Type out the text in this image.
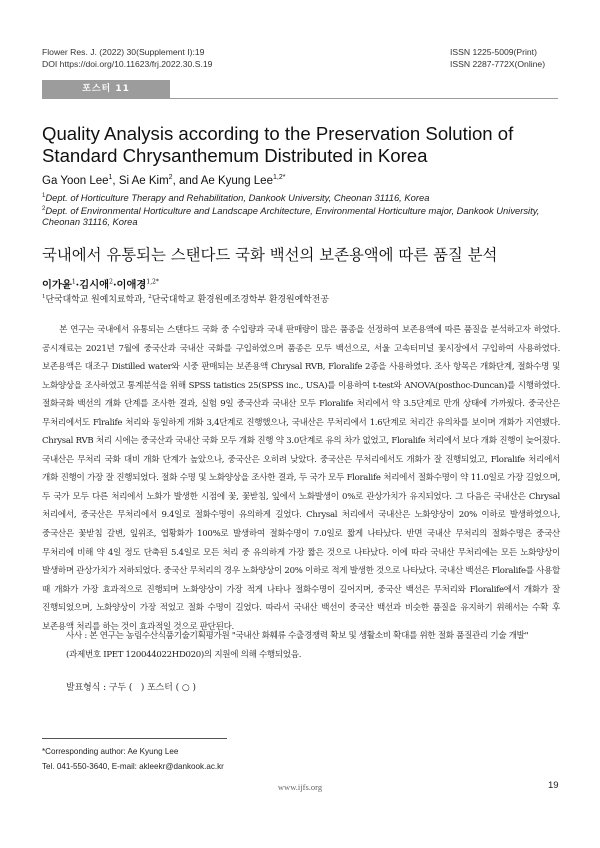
Flower Res. J. (2022) 30(Supplement I):19
DOI https://doi.org/10.11623/frj.2022.30.S.19
ISSN 1225-5009(Print)
ISSN 2287-772X(Online)
포스터 11
Quality Analysis according to the Preservation Solution of Standard Chrysanthemum Distributed in Korea
Ga Yoon Lee$^1$, Si Ae Kim$^2$, and Ae Kyung Lee$^{1,2*}$
$^1$Dept. of Horticulture Therapy and Rehabilitation, Dankook University, Cheonan 31116, Korea
$^2$Dept. of Environmental Horticulture and Landscape Architecture, Environmental Horticulture major, Dankook University, Cheonan 31116, Korea
국내에서 유통되는 스탠다드 국화 백선의 보존용액에 따른 품질 분석
이가윤$^1$·김시애$^2$·이애경$^{1,2*}$
$^1$단국대학교 원예치료학과, $^2$단국대학교 환경원예조경학부 환경원예학전공

본 연구는 국내에서 유통되는 스탠다드 국화 중 수입량과 국내 판매량이 많은 품종을 선정하여 보존용액에 따른 품질을 분석하고자 하였다. 공시재료는 2021년 7월에 중국산과 국내산 국화를 구입하였으며 품종은 모두 백선으로, 서울 고속터미널 꽃시장에서 구입하여 사용하였다. 보존용액은 대조구 Distilled water와 시중 판매되는 보존용액 Chrysal RVB, Floralife 2종을 사용하였다. 조사 항목은 개화단계, 절화수명 및 노화양상을 조사하였고 통계분석을 위해 SPSS tatistics 25(SPSS inc., USA)를 이용하여 t-test와 ANOVA(posthoc-Duncan)를 시행하였다. 절화국화 백선의 개화 단계를 조사한 결과, 실험 9일 중국산과 국내산 모두 Floralife 처리에서 약 3.5단계로 만개 상태에 가까웠다. 중국산은 무처리에서도 Flralife 처리와 동일하게 개화 3,4단계로 진행했으나, 국내산은 무처리에서 1.6단계로 처리간 유의차를 보이며 개화가 지연됐다. Chrysal RVB 처리 시에는 중국산과 국내산 국화 모두 개화 진행 약 3.0단계로 유의 차가 없었고, Floralife 처리에서 보다 개화 진행이 늦어졌다. 국내산은 무처리 국화 대비 개화 단계가 높았으나, 중국산은 오히려 낮았다. 중국산은 무처리에서도 개화가 잘 진행되었고, Floralife 처리에서 개화 진행이 가장 잘 진행되었다. 절화 수명 및 노화양상을 조사한 결과, 두 국가 모두 Floralife 처리에서 절화수명이 약 11.0일로 가장 길었으며, 두 국가 모두 다른 처리에서 노화가 발생한 시점에 꽃, 꽃받침, 잎에서 노화발생이 0%로 관상가치가 유지되었다. 그 다음은 국내산은 Chrysal 처리에서, 중국산은 무처리에서 9.4일로 절화수명이 유의하게 길었다. Chrysal 처리에서 국내산은 노화양상이 20% 이하로 발생하였으나, 중국산은 꽃받침 갈변, 잎위조, 엽황화가 100%로 발생하여 절화수명이 7.0일로 짧게 나타났다. 반면 국내산 무처리의 절화수명은 중국산 무처리에 비해 약 4일 정도 단축된 5.4일로 모든 처리 중 유의하게 가장 짧은 것으로 나타났다. 이에 따라 국내산 무처리에는 모든 노화양상이 발생하며 관상가치가 저하되었다. 중국산 무처리의 경우 노화양상이 20% 이하로 적게 발생한 것으로 나타났다. 국내산 백선은 Floralife를 사용할 때 개화가 가장 효과적으로 진행되며 노화양상이 가장 적게 나타나 절화수명이 길어지며, 중국산 백선은 무처리와 Floralife에서 개화가 잘 진행되었으며, 노화양상이 가장 적었고 절화 수명이 길었다. 따라서 국내산 백선이 중국산 백선과 비슷한 품질을 유지하기 위해서는 수확 후 보존용액 처리를 하는 것이 효과적일 것으로 판단된다.

사사 : 본 연구는 농림수산식품기술기획평가원 "국내산 화훼류 수출경쟁력 확보 및 생활소비 확대를 위한 절화 품질관리 기술 개발"(과제번호 IPET 120044022HD020)의 지원에 의해 수행되었음.

발표형식 : 구두 (   ) 포스터 ( ○ )
*Corresponding author: Ae Kyung Lee
Tel. 041-550-3640, E-mail: akleekr@dankook.ac.kr
www.ijfs.org	19
